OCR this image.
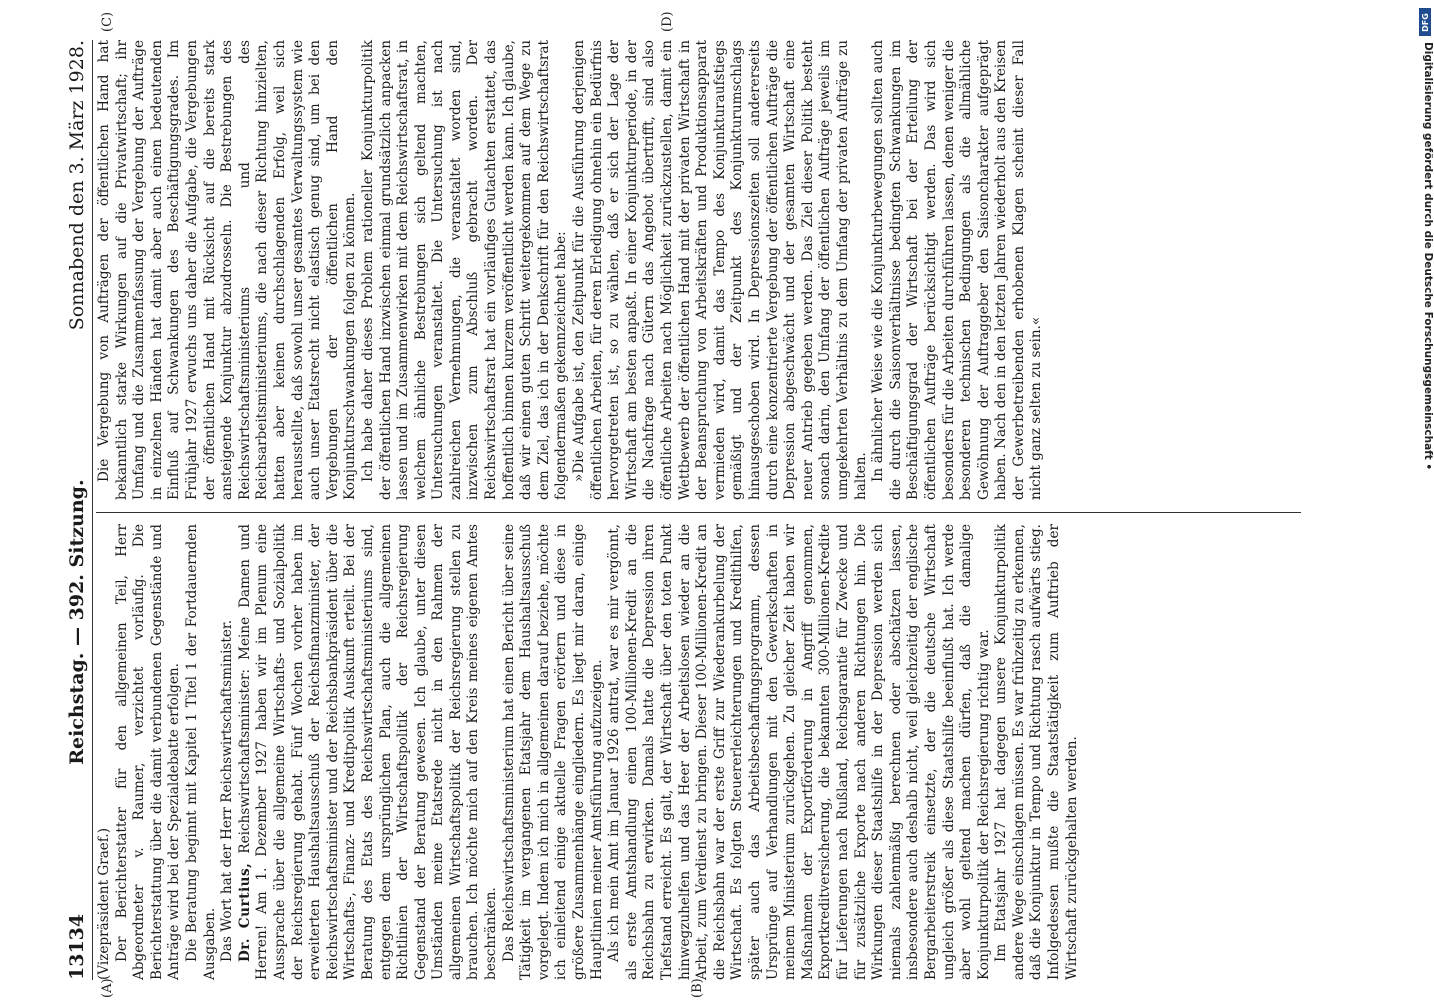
13134
Reichstag. — 392. Sitzung.
Sonnabend den 3. März 1928.
(A)	(B)
(C)	(D)

(Vizepräsident Graef.) Der Berichterstatter für den allgemeinen Teil, Herr Abgeordneter v. Raumer, verzichtet vorläufig. Die Berichterstattung über die damit verbundenen Gegenstände und Anträge wird bei der Spezialdebatte erfolgen. Die Beratung beginnt mit Kapitel 1 Titel 1 der Fortdauernden Ausgaben. Das Wort hat der Herr Reichswirtschaftsminister. Dr. Curtius, Reichswirtschaftsminister: Meine Damen und Herren! Am 1. Dezember 1927 haben wir im Plenum eine Aussprache über die allgemeine Wirtschafts- und Sozialpolitik der Reichsregierung gehabt. Fünf Wochen vorher haben im erweiterten Haushaltsausschuß der Reichsfinanzminister, der Reichswirtschaftsminister und der Reichsbankpräsident über die Wirtschafts-, Finanz- und Kreditpolitik Auskunft erteilt. Bei der Beratung des Etats des Reichswirtschaftsministeriums sind, entgegen dem ursprünglichen Plan, auch die allgemeinen Richtlinien der Wirtschaftspolitik der Reichsregierung Gegenstand der Beratung gewesen. Ich glaube, unter diesen Umständen meine Etatsrede nicht in den Rahmen der allgemeinen Wirtschaftspolitik der Reichsregierung stellen zu brauchen. Ich möchte mich auf den Kreis meines eigenen Amtes beschränken. Das Reichswirtschaftsministerium hat einen Bericht über seine Tätigkeit im vergangenen Etatsjahr dem Haushaltsausschuß vorgelegt. Indem ich mich in allgemeinen darauf beziehe, möchte ich einleitend einige aktuelle Fragen erörtern und diese in größere Zusammenhänge eingliedern. Es liegt mir daran, einige Hauptlinien meiner Amtsführung aufzuzeigen. Als ich mein Amt im Januar 1926 antrat, war es mir vergönnt, als erste Amtshandlung einen 100-Millionen-Kredit an die Reichsbahn zu erwirken. Damals hatte die Depression ihren Tiefstand erreicht. Es galt, der Wirtschaft über den toten Punkt hinwegzuhelfen und das Heer der Arbeitslosen wieder an die Arbeit, zum Verdienst zu bringen. Dieser 100-Millionen-Kredit an die Reichsbahn war der erste Griff zur Wiederankurbelung der Wirtschaft. Es folgten Steuererleichterungen und Kredithilfen, später auch das Arbeitsbeschaffungsprogramm, dessen Ursprünge auf Verhandlungen mit den Gewerkschaften in meinem Ministerium zurückgehen. Zu gleicher Zeit haben wir Maßnahmen der Exportförderung in Angriff genommen, Exportkreditversicherung, die bekannten 300-Millionen-Kredite für Lieferungen nach Rußland, Reichsgarantie für Zwecke und für zusätzliche Exporte nach anderen Richtungen hin. Die Wirkungen dieser Staatshilfe in der Depression werden sich niemals zahlenmäßig berechnen oder abschätzen lassen, insbesondere auch deshalb nicht, weil gleichzeitig der englische Bergarbeiterstreik einsetzte, der die deutsche Wirtschaft ungleich größer als diese Staatshilfe beeinflußt hat. Ich werde aber wohl geltend machen dürfen, daß die damalige Konjunkturpolitik der Reichsregierung richtig war. Im Etatsjahr 1927 hat dagegen unsere Konjunkturpolitik andere Wege einschlagen müssen. Es war frühzeitig zu erkennen, daß die Konjunktur in Tempo und Richtung rasch aufwärts stieg. Infolgedessen mußte die Staatstätigkeit zum Auftrieb der Wirtschaft zurückgehalten werden.

Die Vergebung von Aufträgen der öffentlichen Hand hat bekanntlich starke Wirkungen auf die Privatwirtschaft; ihr Umfang und die Zusammenfassung der Vergebung der Aufträge in einzelnen Händen hat damit aber auch einen bedeutenden Einfluß auf Schwankungen des Beschäftigungsgrades. Im Frühjahr 1927 erwuchs uns daher die Aufgabe, die Vergebungen der öffentlichen Hand mit Rücksicht auf die bereits stark ansteigende Konjunktur abzudrosseln. Die Bestrebungen des Reichswirtschaftsministeriums und des Reichsarbeitsministeriums, die nach dieser Richtung hinzielten, hatten aber keinen durchschlagenden Erfolg, weil sich herausstellte, daß sowohl unser gesamtes Verwaltungssystem wie auch unser Etatsrecht nicht elastisch genug sind, um bei den Vergebungen der öffentlichen Hand den Konjunkturschwankungen folgen zu können. Ich habe daher dieses Problem rationeller Konjunkturpolitik der öffentlichen Hand inzwischen einmal grundsätzlich anpacken lassen und im Zusammenwirken mit dem Reichswirtschaftsrat, in welchem ähnliche Bestrebungen sich geltend machten, Untersuchungen veranstaltet. Die Untersuchung ist nach zahlreichen Vernehmungen, die veranstaltet worden sind, inzwischen zum Abschluß gebracht worden. Der Reichswirtschaftsrat hat ein vorläufiges Gutachten erstattet, das hoffentlich binnen kurzem veröffentlicht werden kann. Ich glaube, daß wir einen guten Schritt weitergekommen auf dem Wege zu dem Ziel, das ich in der Denkschrift für den Reichswirtschaftsrat folgendermaßen gekennzeichnet habe: »Die Aufgabe ist, den Zeitpunkt für die Ausführung derjenigen öffentlichen Arbeiten, für deren Erledigung ohnehin ein Bedürfnis hervorgetreten ist, so zu wählen, daß er sich der Lage der Wirtschaft am besten anpaßt. In einer Konjunkturperiode, in der die Nachfrage nach Gütern das Angebot übertrifft, sind also öffentliche Arbeiten nach Möglichkeit zurückzustellen, damit ein Wettbewerb der öffentlichen Hand mit der privaten Wirtschaft in der Beanspruchung von Arbeitskräften und Produktionsapparat vermieden wird, damit das Tempo des Konjunkturaufstiegs gemäßigt und der Zeitpunkt des Konjunkturumschlags hinausgeschoben wird. In Depressionszeiten soll andererseits durch eine konzentrierte Vergebung der öffentlichen Aufträge die Depression abgeschwächt und der gesamten Wirtschaft eine neuer Antrieb gegeben werden. Das Ziel dieser Politik besteht sonach darin, den Umfang der öffentlichen Aufträge jeweils im umgekehrten Verhältnis zu dem Umfang der privaten Aufträge zu halten. In ähnlicher Weise wie die Konjunkturbewegungen sollten auch die durch die Saisonverhältnisse bedingten Schwankungen im Beschäftigungsgrad der Wirtschaft bei der Erteilung der öffentlichen Aufträge berücksichtigt werden. Das wird sich besonders für die Arbeiten durchführen lassen, denen weniger die besonderen technischen Bedingungen als die allmähliche Gewöhnung der Auftraggeber den Saisoncharakter aufgeprägt haben. Nach den in den letzten Jahren wiederholt aus den Kreisen der Gewerbetreibenden erhobenen Klagen scheint dieser Fall nicht ganz selten zu sein.«

DFG
Digitalisierung gefördert durch die Deutsche Forschungsgemeinschaft •
